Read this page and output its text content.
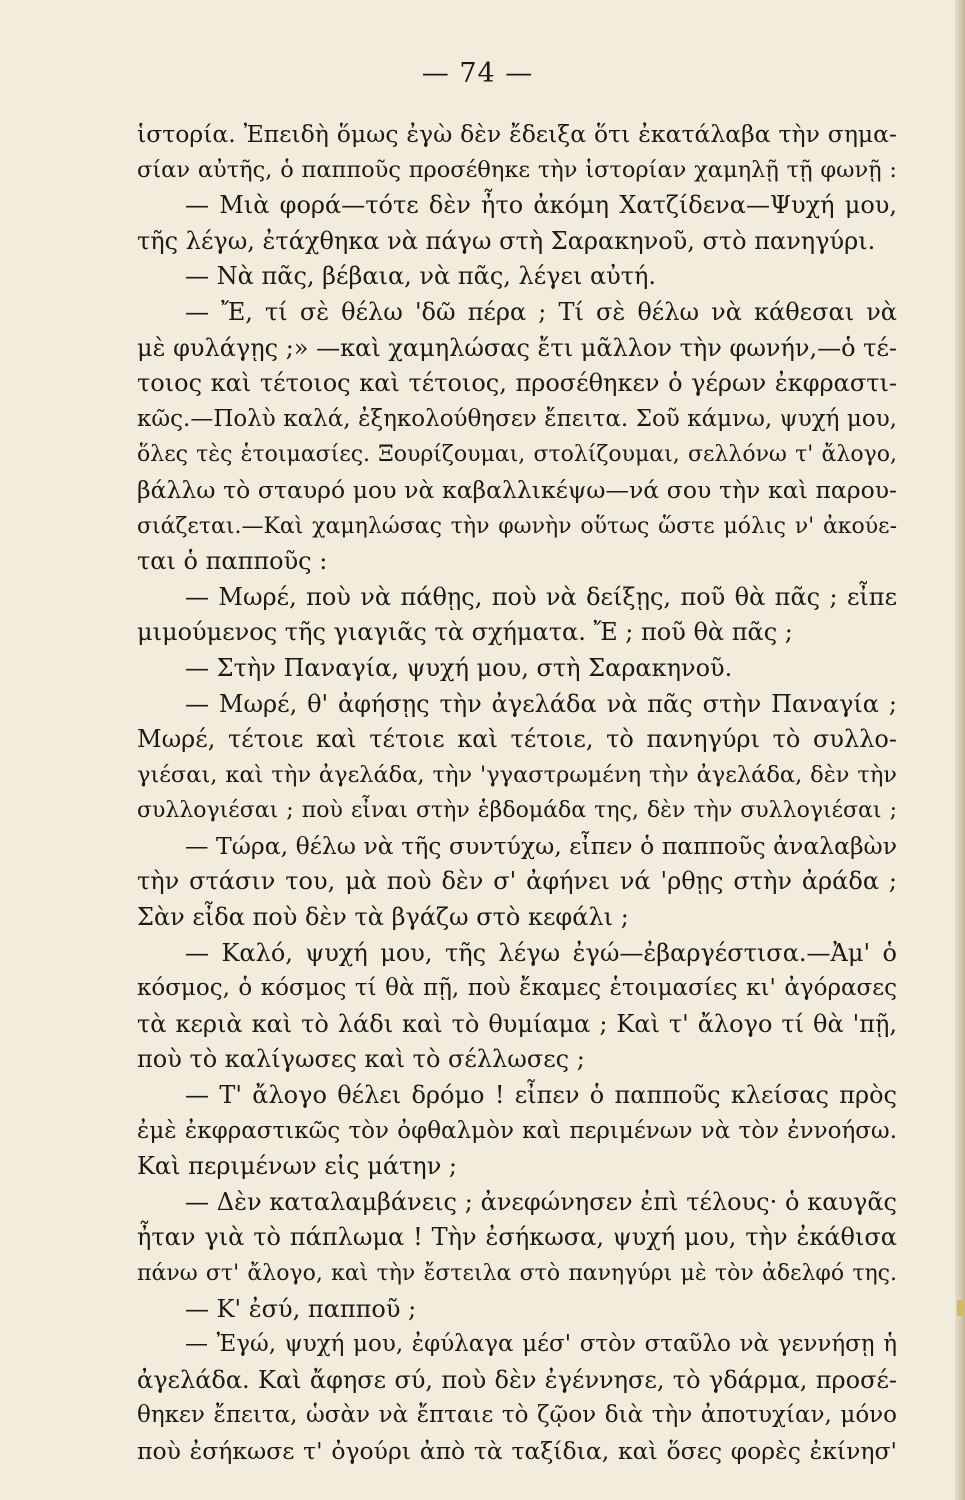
— 74 —
ἱστορία. Ἐπειδὴ ὅμως ἐγὼ δὲν ἔδειξα ὅτι ἐκατάλαβα τὴν σημα-
σίαν αὐτῆς, ὁ παπποῦς προσέθηκε τὴν ἱστορίαν χαμηλῇ τῇ φωνῇ :
— Μιὰ φορά—τότε δὲν ἦτο ἀκόμη Χατζίδενα—Ψυχή μου,
τῆς λέγω, ἐτάχθηκα νὰ πάγω στὴ Σαρακηνοῦ, στὸ πανηγύρι.
— Νὰ πᾶς, βέβαια, νὰ πᾶς, λέγει αὐτή.
— Ἔ, τί σὲ θέλω 'δῶ πέρα ; Τί σὲ θέλω νὰ κάθεσαι νὰ
μὲ φυλάγῃς ;» —καὶ χαμηλώσας ἔτι μᾶλλον τὴν φωνήν,—ὁ τέ-
τοιος καὶ τέτοιος καὶ τέτοιος, προσέθηκεν ὁ γέρων ἐκφραστι-
κῶς.—Πολὺ καλά, ἐξηκολούθησεν ἔπειτα. Σοῦ κάμνω, ψυχή μου,
ὅλες τὲς ἑτοιμασίες. Ξουρίζουμαι, στολίζουμαι, σελλόνω τ' ἄλογο,
βάλλω τὸ σταυρό μου νὰ καβαλλικέψω—νά σου τὴν καὶ παρου-
σιάζεται.—Καὶ χαμηλώσας τὴν φωνὴν οὕτως ὥστε μόλις ν' ἀκούε-
ται ὁ παπποῦς :
— Μωρέ, ποὺ νὰ πάθῃς, ποὺ νὰ δείξῃς, ποῦ θὰ πᾶς ; εἶπε
μιμούμενος τῆς γιαγιᾶς τὰ σχήματα. Ἔ ; ποῦ θὰ πᾶς ;
— Στὴν Παναγία, ψυχή μου, στὴ Σαρακηνοῦ.
— Μωρέ, θ' ἀφήσῃς τὴν ἀγελάδα νὰ πᾶς στὴν Παναγία ;
Μωρέ, τέτοιε καὶ τέτοιε καὶ τέτοιε, τὸ πανηγύρι τὸ συλλο-
γιέσαι, καὶ τὴν ἀγελάδα, τὴν 'γγαστρωμένη τὴν ἀγελάδα, δὲν τὴν
συλλογιέσαι ; ποὺ εἶναι στὴν ἑβδομάδα της, δὲν τὴν συλλογιέσαι ;
— Τώρα, θέλω νὰ τῆς συντύχω, εἶπεν ὁ παπποῦς ἀναλαβὼν
τὴν στάσιν του, μὰ ποὺ δὲν σ' ἀφήνει νά 'ρθῃς στὴν ἀράδα ;
Σὰν εἶδα ποὺ δὲν τὰ βγάζω στὸ κεφάλι ;
— Καλό, ψυχή μου, τῆς λέγω ἐγώ—ἐβαργέστισα.—Ἀμ' ὁ
κόσμος, ὁ κόσμος τί θὰ πῇ, ποὺ ἔκαμες ἑτοιμασίες κι' ἀγόρασες
τὰ κεριὰ καὶ τὸ λάδι καὶ τὸ θυμίαμα ; Καὶ τ' ἄλογο τί θὰ 'πῇ,
ποὺ τὸ καλίγωσες καὶ τὸ σέλλωσες ;
— Τ' ἄλογο θέλει δρόμο ! εἶπεν ὁ παπποῦς κλείσας πρὸς
ἐμὲ ἐκφραστικῶς τὸν ὀφθαλμὸν καὶ περιμένων νὰ τὸν ἐννοήσω.
Καὶ περιμένων εἰς μάτην ;
— Δὲν καταλαμβάνεις ; ἀνεφώνησεν ἐπὶ τέλους· ὁ καυγᾶς
ἦταν γιὰ τὸ πάπλωμα ! Τὴν ἐσήκωσα, ψυχή μου, τὴν ἐκάθισα
πάνω στ' ἄλογο, καὶ τὴν ἔστειλα στὸ πανηγύρι μὲ τὸν ἀδελφό της.
— Κ' ἐσύ, παπποῦ ;
— Ἐγώ, ψυχή μου, ἐφύλαγα μέσ' στὸν σταῦλο νὰ γεννήσῃ ἡ
ἀγελάδα. Καὶ ἄφησε σύ, ποὺ δὲν ἐγέννησε, τὸ γδάρμα, προσέ-
θηκεν ἔπειτα, ὡσὰν νὰ ἔπταιε τὸ ζῷον διὰ τὴν ἀποτυχίαν, μόνο
ποὺ ἐσήκωσε τ' ὀγούρι ἀπὸ τὰ ταξίδια, καὶ ὅσες φορὲς ἐκίνησ'
